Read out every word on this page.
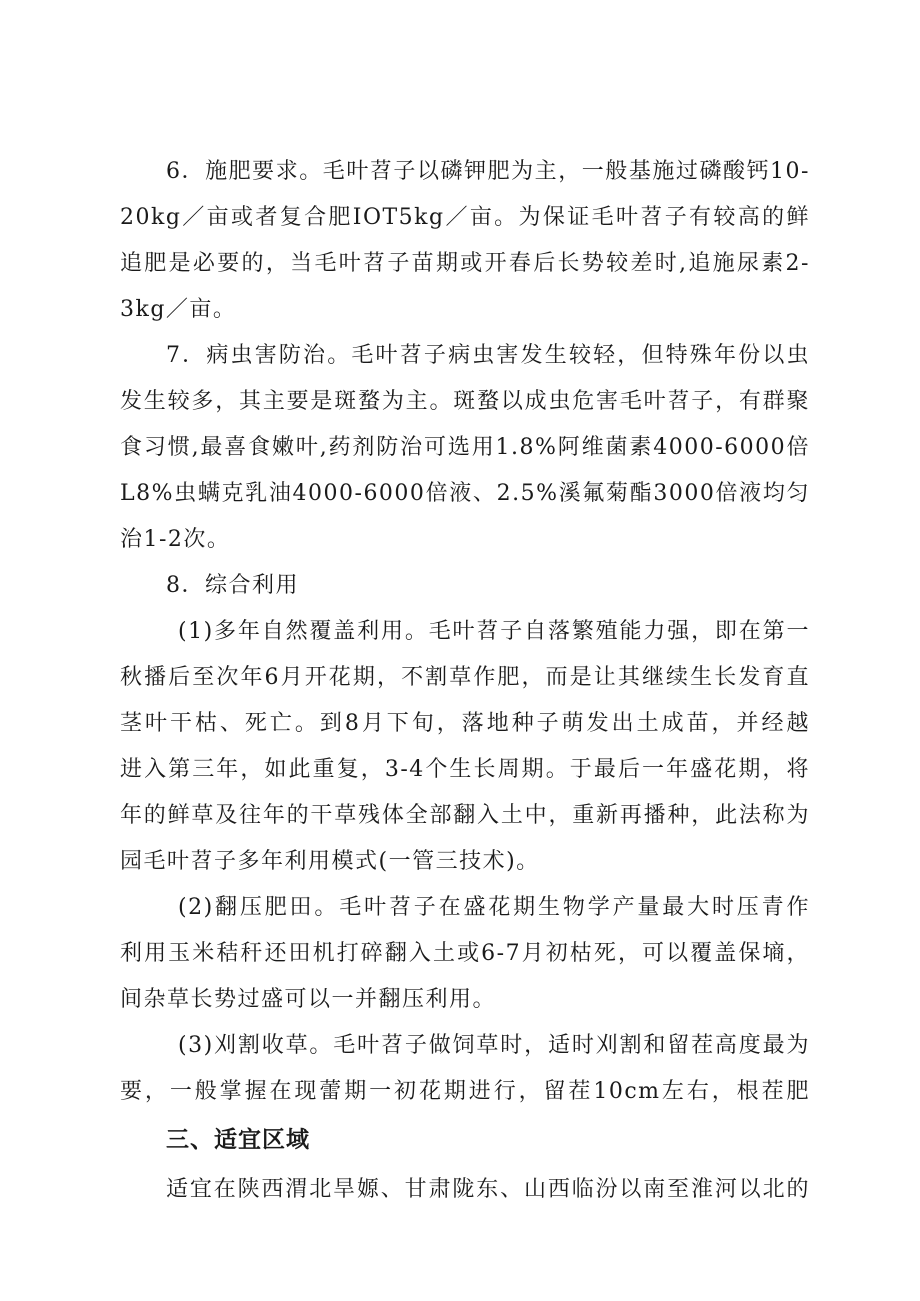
6．施肥要求。毛叶苕子以磷钾肥为主，一般基施过磷酸钙10-
20kg／亩或者复合肥IOT5kg／亩。为保证毛叶苕子有较高的鲜
追肥是必要的，当毛叶苕子苗期或开春后长势较差时,追施尿素2-
3kg／亩。
7．病虫害防治。毛叶苕子病虫害发生较轻，但特殊年份以虫
发生较多，其主要是斑蝥为主。斑蝥以成虫危害毛叶苕子，有群聚
食习惯,最喜食嫩叶,药剂防治可选用1.8%阿维菌素4000-6000倍
L8%虫螨克乳油4000-6000倍液、2.5%溪氟菊酯3000倍液均匀
治1-2次。
8．综合利用
(1)多年自然覆盖利用。毛叶苕子自落繁殖能力强，即在第一
秋播后至次年6月开花期，不割草作肥，而是让其继续生长发育直
茎叶干枯、死亡。到8月下旬，落地种子萌发出土成苗，并经越
进入第三年，如此重复，3-4个生长周期。于最后一年盛花期，将
年的鲜草及往年的干草残体全部翻入土中，重新再播种，此法称为
园毛叶苕子多年利用模式(一管三技术)。
(2)翻压肥田。毛叶苕子在盛花期生物学产量最大时压青作
利用玉米秸秆还田机打碎翻入土或6-7月初枯死，可以覆盖保墒，
间杂草长势过盛可以一并翻压利用。
(3)刈割收草。毛叶苕子做饲草时，适时刈割和留茬高度最为
要，一般掌握在现蕾期一初花期进行，留茬10cm左右，根茬肥
三、适宜区域
适宜在陕西渭北旱嫄、甘肃陇东、山西临汾以南至淮河以北的
